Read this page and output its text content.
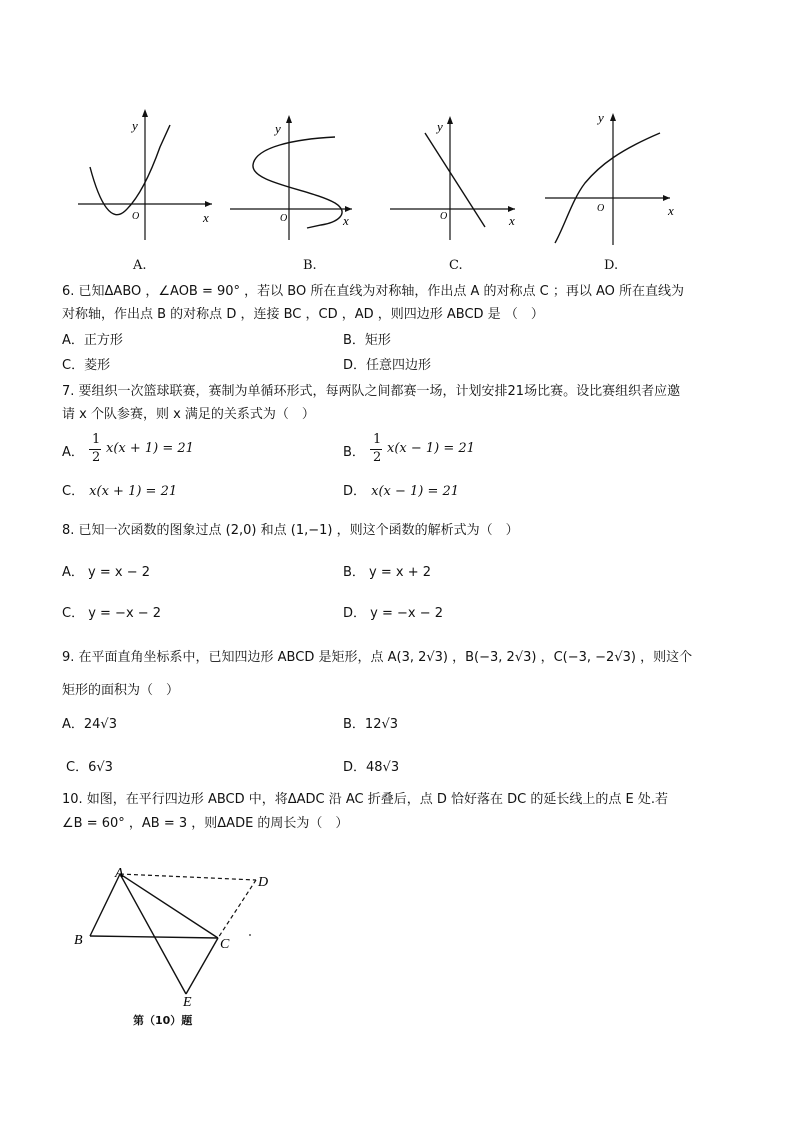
y
x
O
y
x
O
y
x
O
y
x
O
A.	B.	C.	D.
6. 已知ΔABO ，∠AOB = 90° ，若以 BO 所在直线为对称轴，作出点 A 的对称点 C ；再以 AO 所在直线为
对称轴，作出点 B 的对称点 D ，连接 BC ，CD ，AD ，则四边形 ABCD 是 （　）
A．正方形	B．矩形
C．菱形	D．任意四边形
7. 要组织一次篮球联赛，赛制为单循环形式，每两队之间都赛一场，计划安排21场比赛。设比赛组织者应邀
请 x 个队参赛，则 x 满足的关系式为（　）
A．
1
2
x(x + 1) = 21	B．
1
2
x(x − 1) = 21
C． x(x + 1) = 21	D． x(x − 1) = 21
8. 已知一次函数的图象过点 (2,0) 和点 (1,−1) ，则这个函数的解析式为（　）
A． y = x − 2	B． y = x + 2
C． y = −x − 2	D． y = −x − 2
9. 在平面直角坐标系中，已知四边形 ABCD 是矩形，点 A(3, 2√3) ，B(−3, 2√3) ，C(−3, −2√3) ，则这个
矩形的面积为（　）
A．24√3	B．12√3
C．6√3	D．48√3
10. 如图，在平行四边形 ABCD 中，将ΔADC 沿 AC 折叠后，点 D 恰好落在 DC 的延长线上的点 E 处.若
∠B = 60° ，AB = 3 ，则ΔADE 的周长为（　）
A
B	C
D
E
第（10）题
